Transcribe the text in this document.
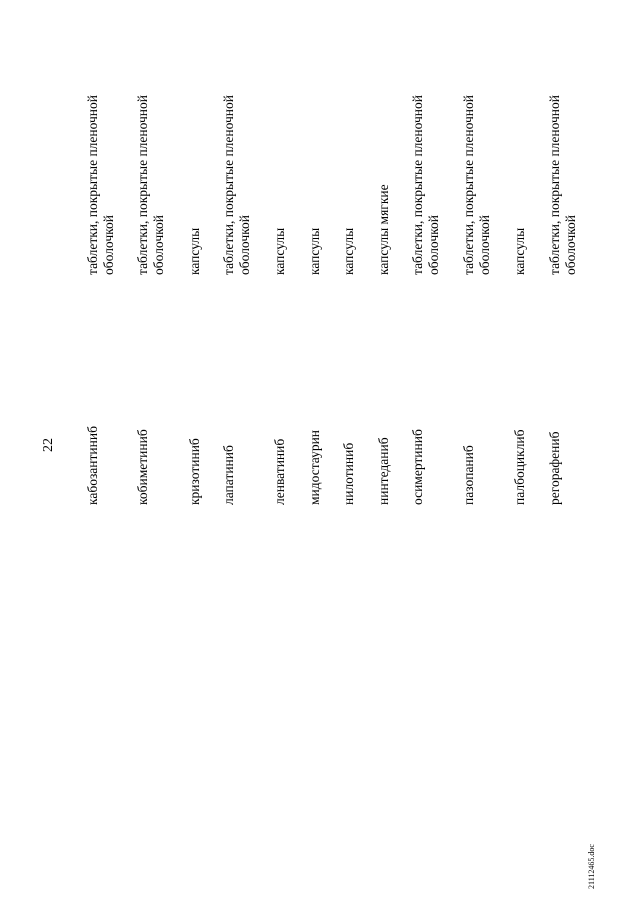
22 кабозантиниб
таблетки, покрытые пленочной оболочкой
кобиметиниб
таблетки, покрытые пленочной оболочкой
кризотиниб
капсулы
лапатиниб
таблетки, покрытые пленочной оболочкой
ленватиниб
капсулы
мидостаурин
капсулы
нилотиниб
капсулы
нинтеданиб
капсулы мягкие
осимертиниб
таблетки, покрытые пленочной оболочкой
пазопаниб
таблетки, покрытые пленочной оболочкой
палбоциклиб
капсулы
регорафениб
таблетки, покрытые пленочной оболочкой
21112465.doc
